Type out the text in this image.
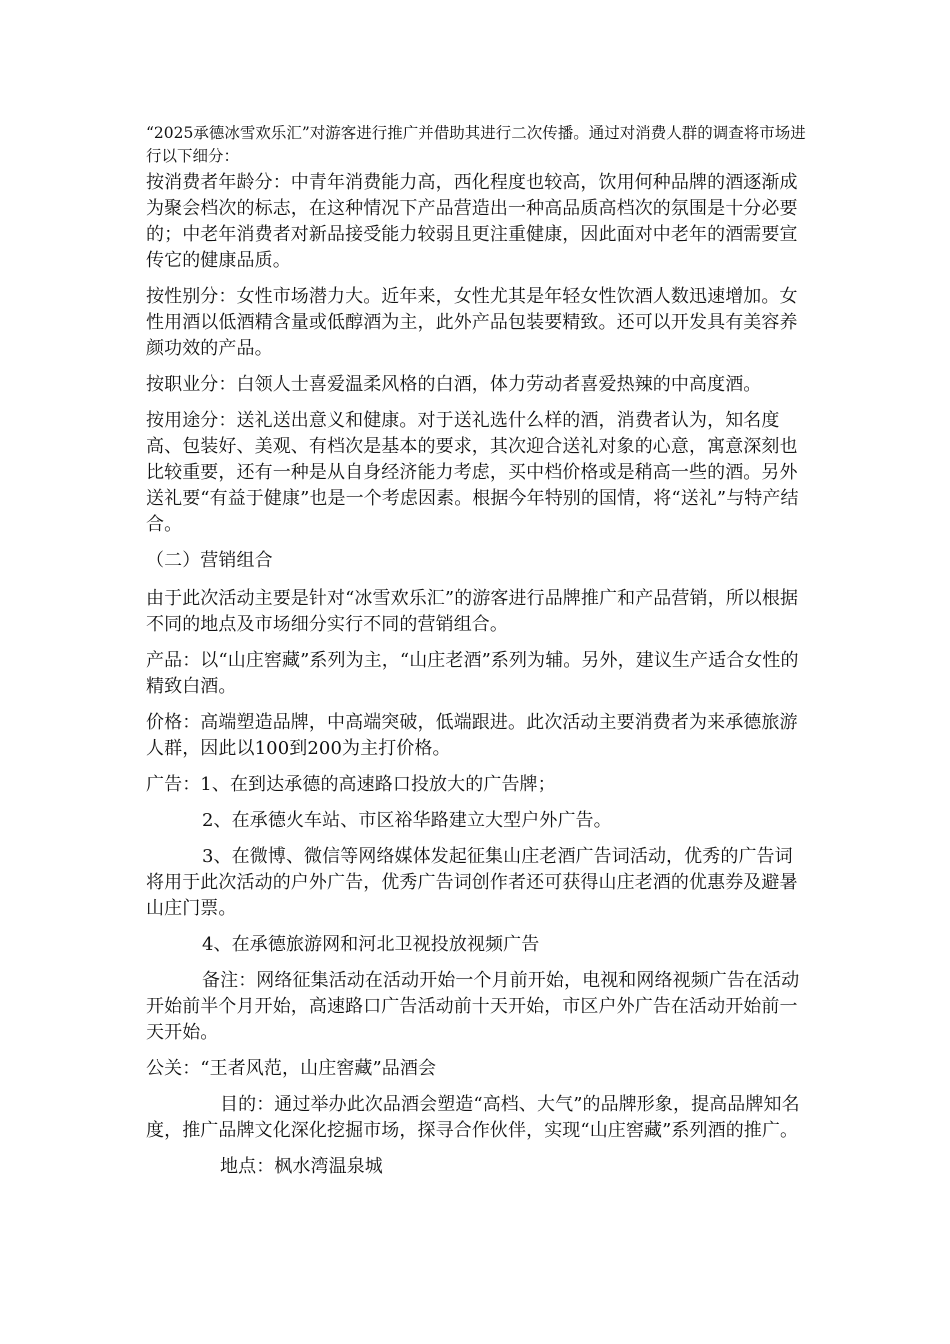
“2025承德冰雪欢乐汇”对游客进行推广并借助其进行二次传播。通过对消费人群的调查将市场进行以下细分：

按消费者年龄分：中青年消费能力高，西化程度也较高，饮用何种品牌的酒逐渐成为聚会档次的标志，在这种情况下产品营造出一种高品质高档次的氛围是十分必要的；中老年消费者对新品接受能力较弱且更注重健康，因此面对中老年的酒需要宣传它的健康品质。

按性别分：女性市场潜力大。近年来，女性尤其是年轻女性饮酒人数迅速增加。女性用酒以低酒精含量或低醇酒为主，此外产品包装要精致。还可以开发具有美容养颜功效的产品。

按职业分：白领人士喜爱温柔风格的白酒，体力劳动者喜爱热辣的中高度酒。

按用途分：送礼送出意义和健康。对于送礼选什么样的酒，消费者认为，知名度高、包装好、美观、有档次是基本的要求，其次迎合送礼对象的心意，寓意深刻也比较重要，还有一种是从自身经济能力考虑，买中档价格或是稍高一些的酒。另外送礼要“有益于健康”也是一个考虑因素。根据今年特别的国情，将“送礼”与特产结合。

（二）营销组合

由于此次活动主要是针对“冰雪欢乐汇”的游客进行品牌推广和产品营销，所以根据不同的地点及市场细分实行不同的营销组合。

产品：以“山庄窖藏”系列为主，“山庄老酒”系列为辅。另外，建议生产适合女性的精致白酒。

价格：高端塑造品牌，中高端突破，低端跟进。此次活动主要消费者为来承德旅游人群，因此以100到200为主打价格。

广告：1、在到达承德的高速路口投放大的广告牌；

2、在承德火车站、市区裕华路建立大型户外广告。

3、在微博、微信等网络媒体发起征集山庄老酒广告词活动，优秀的广告词将用于此次活动的户外广告，优秀广告词创作者还可获得山庄老酒的优惠券及避暑山庄门票。

4、在承德旅游网和河北卫视投放视频广告

备注：网络征集活动在活动开始一个月前开始，电视和网络视频广告在活动开始前半个月开始，高速路口广告活动前十天开始，市区户外广告在活动开始前一天开始。

公关：“王者风范，山庄窖藏”品酒会

目的：通过举办此次品酒会塑造“高档、大气”的品牌形象，提高品牌知名度，推广品牌文化深化挖掘市场，探寻合作伙伴，实现“山庄窖藏”系列酒的推广。

地点：枫水湾温泉城
